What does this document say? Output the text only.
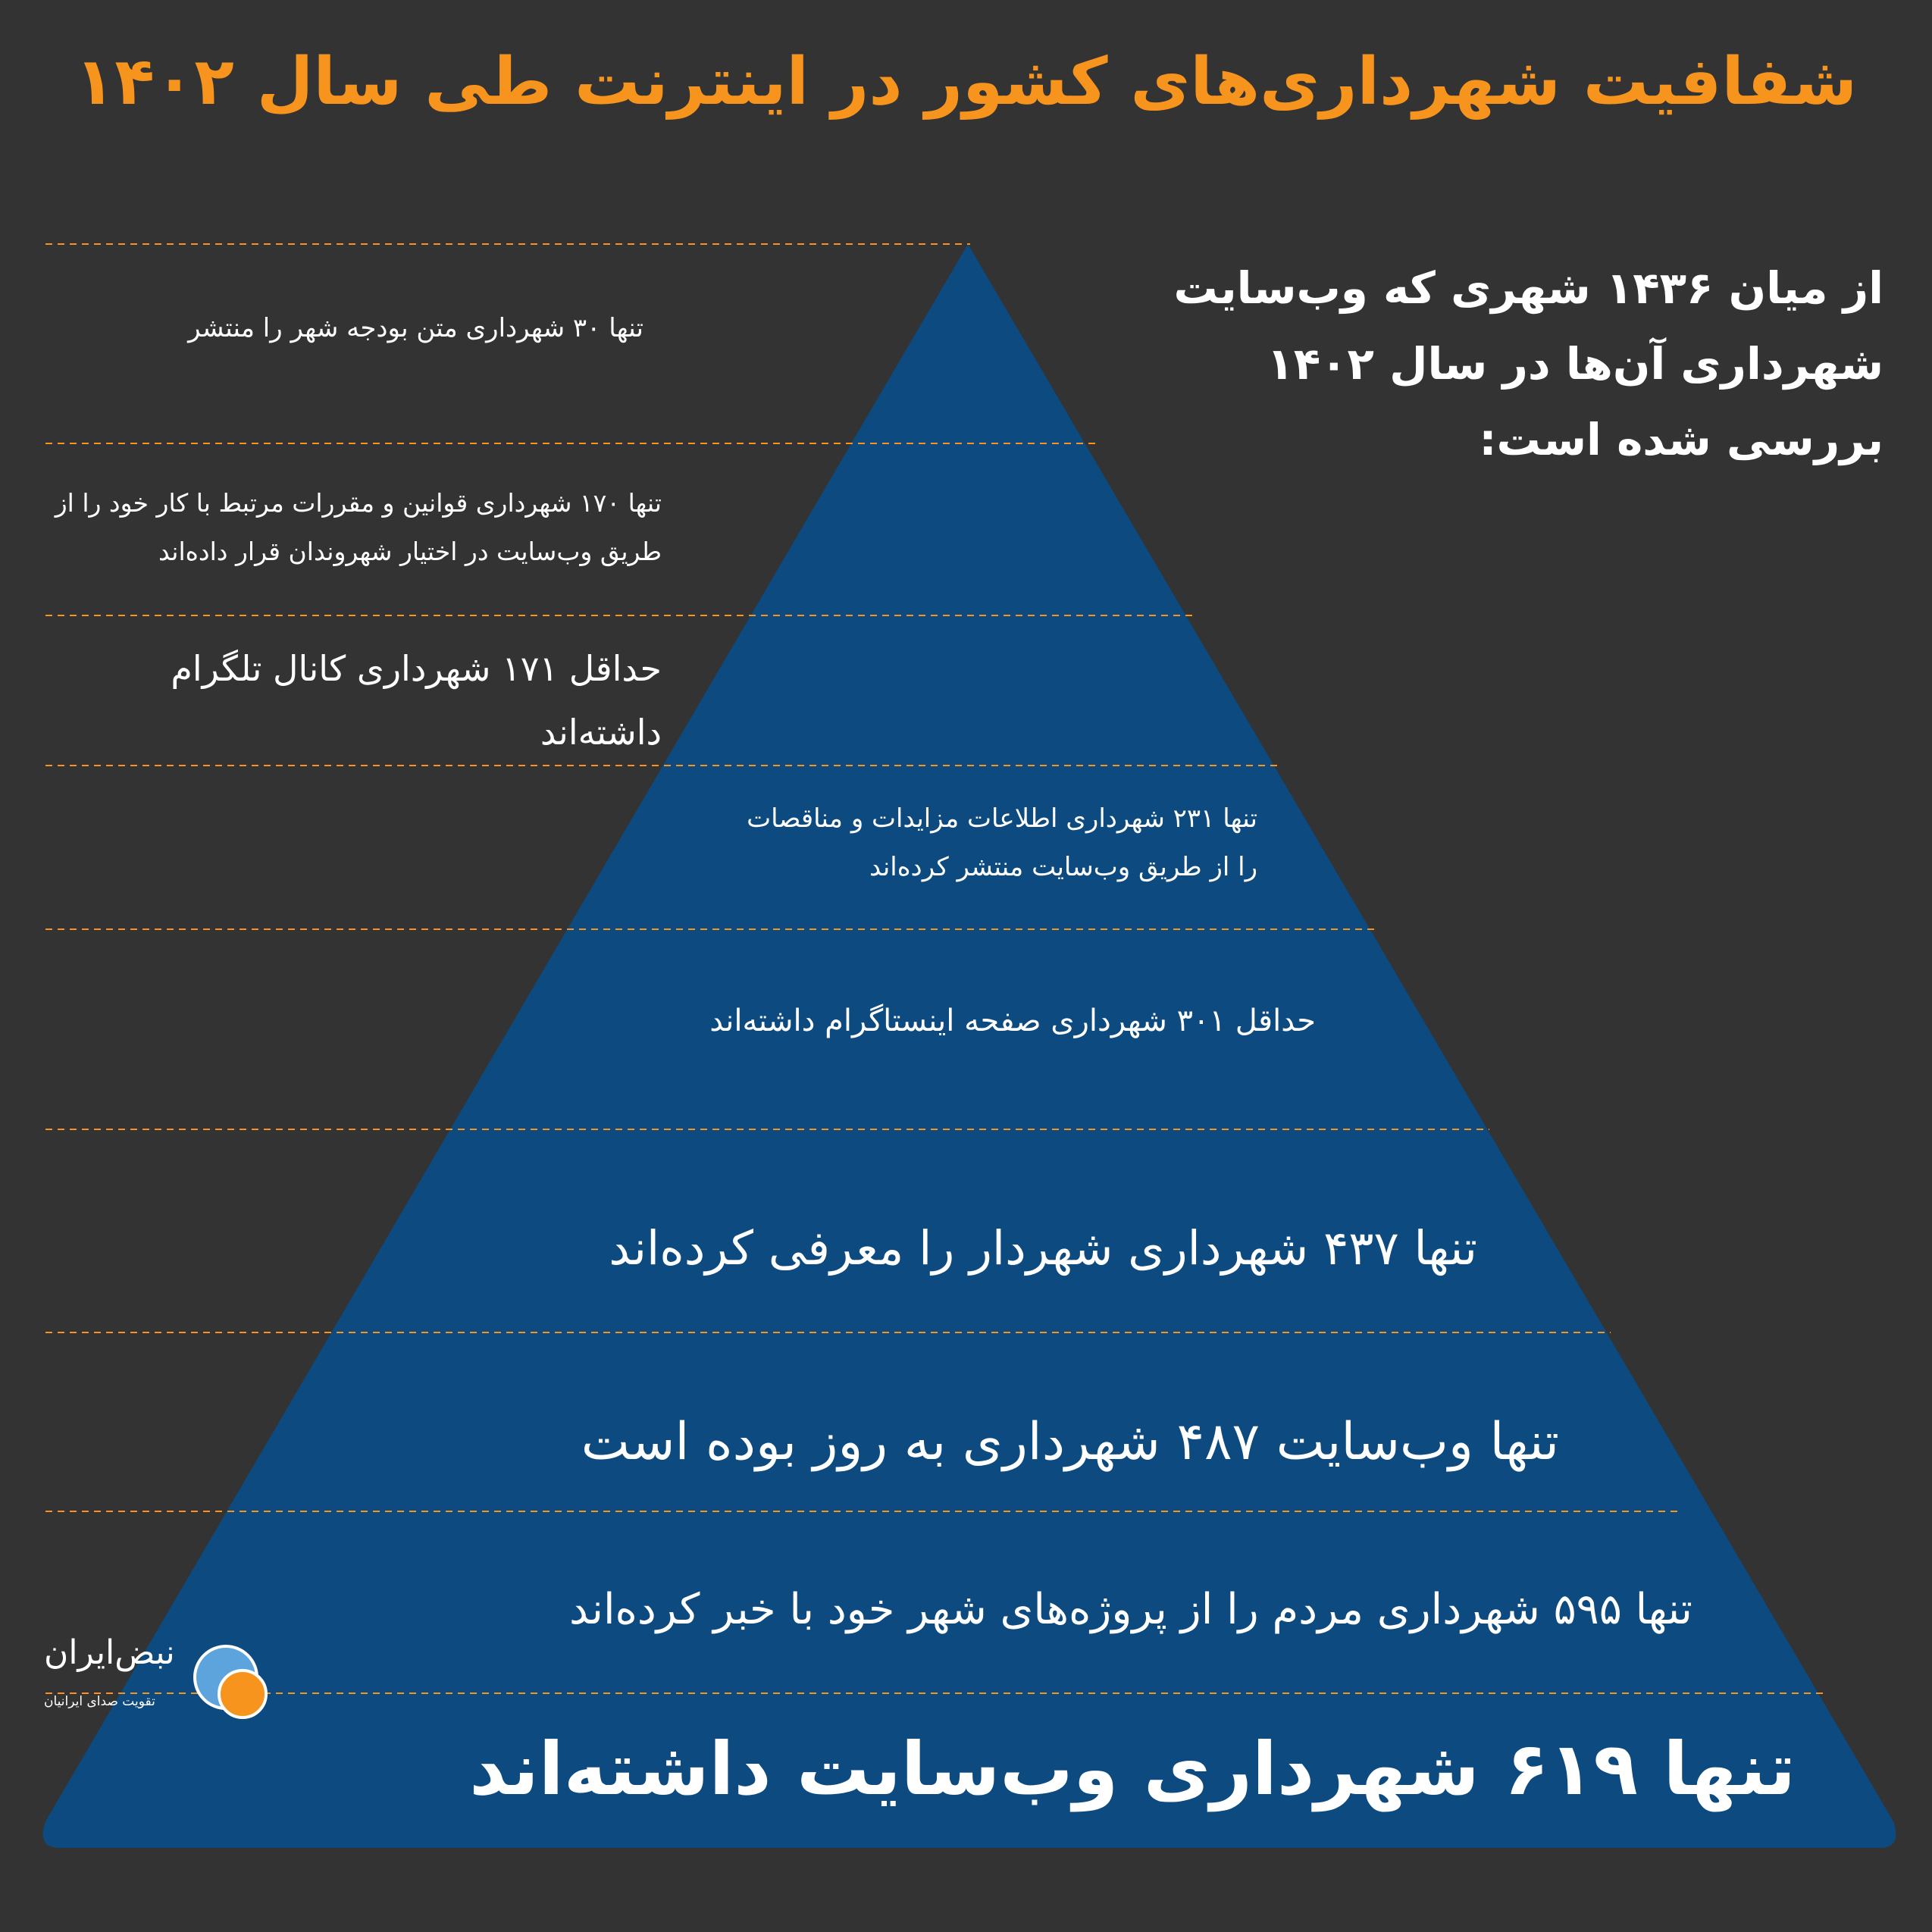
شفافیت شهرداری‌های کشور در اینترنت طی سال ۱۴۰۲
از میان ۱۴۳۶ شهری که وب‌سایت شهرداری آن‌ها در سال ۱۴۰۲ بررسی شده است:
تنها ۳۰ شهرداری متن بودجه شهر را منتشر
تنها ۱۷۰ شهرداری قوانین و مقررات مرتبط با کار خود را از طریق وب‌سایت در اختیار شهروندان قرار داده‌اند
حداقل ۱۷۱ شهرداری کانال تلگرام داشته‌اند
تنها ۲۳۱ شهرداری اطلاعات مزایدات و مناقصات را از طریق وب‌سایت منتشر کرده‌اند
حداقل ۳۰۱ شهرداری صفحه اینستاگرام داشته‌اند
تنها ۴۳۷ شهرداری شهردار را معرفی کرده‌اند
تنها وب‌سایت ۴۸۷ شهرداری به روز بوده است
تنها ۵۹۵ شهرداری مردم را از پروژه‌های شهر خود با خبر کرده‌اند
تنها ۶۱۹ شهرداری وب‌سایت داشته‌اند
نبض‌ایران
تقویت صدای ایرانیان
